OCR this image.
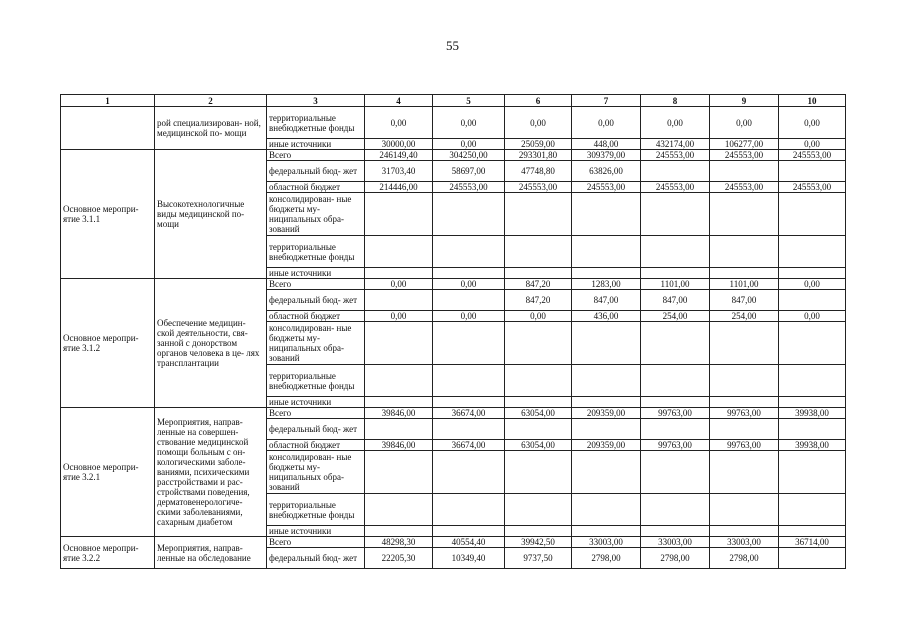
55
1	2	3	4	5	6	7	8	9	10
	рой специализирован- ной, медицинской по- мощи	территориальные внебюджетные фонды	0,00	0,00	0,00	0,00	0,00	0,00	0,00
		иные источники	30000,00	0,00	25059,00	448,00	432174,00	106277,00	0,00
Основное меропри- ятие 3.1.1	Высокотехнологичные виды медицинской по- мощи	Всего	246149,40	304250,00	293301,80	309379,00	245553,00	245553,00	245553,00
		федеральный бюд- жет	31703,40	58697,00	47748,80	63826,00			
		областной бюджет	214446,00	245553,00	245553,00	245553,00	245553,00	245553,00	245553,00
		консолидирован- ные бюджеты му- ниципальных обра- зований							
		территориальные внебюджетные фонды							
		иные источники							
Основное меропри- ятие 3.1.2	Обеспечение медицин- ской деятельности, свя- занной с донорством органов человека в це- лях трансплантации	Всего	0,00	0,00	847,20	1283,00	1101,00	1101,00	0,00
		федеральный бюд- жет			847,20	847,00	847,00	847,00	
		областной бюджет	0,00	0,00	0,00	436,00	254,00	254,00	0,00
		консолидирован- ные бюджеты му- ниципальных обра- зований							
		территориальные внебюджетные фонды							
		иные источники							
Основное меропри- ятие 3.2.1	Мероприятия, направ- ленные на совершен- ствование медицинской помощи больным с он- кологическими заболе- ваниями, психическими расстройствами и рас- стройствами поведения, дерматовенерологиче- скими заболеваниями, сахарным диабетом	Всего	39846,00	36674,00	63054,00	209359,00	99763,00	99763,00	39938,00
		федеральный бюд- жет							
		областной бюджет	39846,00	36674,00	63054,00	209359,00	99763,00	99763,00	39938,00
		консолидирован- ные бюджеты му- ниципальных обра- зований							
		территориальные внебюджетные фонды							
		иные источники							
Основное меропри- ятие 3.2.2	Мероприятия, направ- ленные на обследование	Всего	48298,30	40554,40	39942,50	33003,00	33003,00	33003,00	36714,00
		федеральный бюд- жет	22205,30	10349,40	9737,50	2798,00	2798,00	2798,00	
